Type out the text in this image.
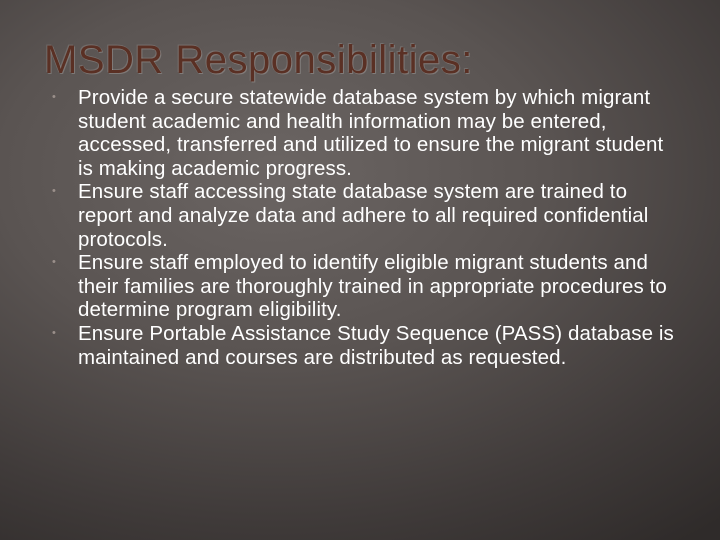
MSDR Responsibilities:
• Provide a secure statewide database system by which migrant student academic and health information may be entered, accessed, transferred and utilized to ensure the migrant student is making academic progress.
• Ensure staff accessing state database system are trained to report and analyze data and adhere to all required confidential protocols.
• Ensure staff employed to identify eligible migrant students and their families are thoroughly trained in appropriate procedures to determine program eligibility.
• Ensure Portable Assistance Study Sequence (PASS) database is maintained and courses are distributed as requested.
